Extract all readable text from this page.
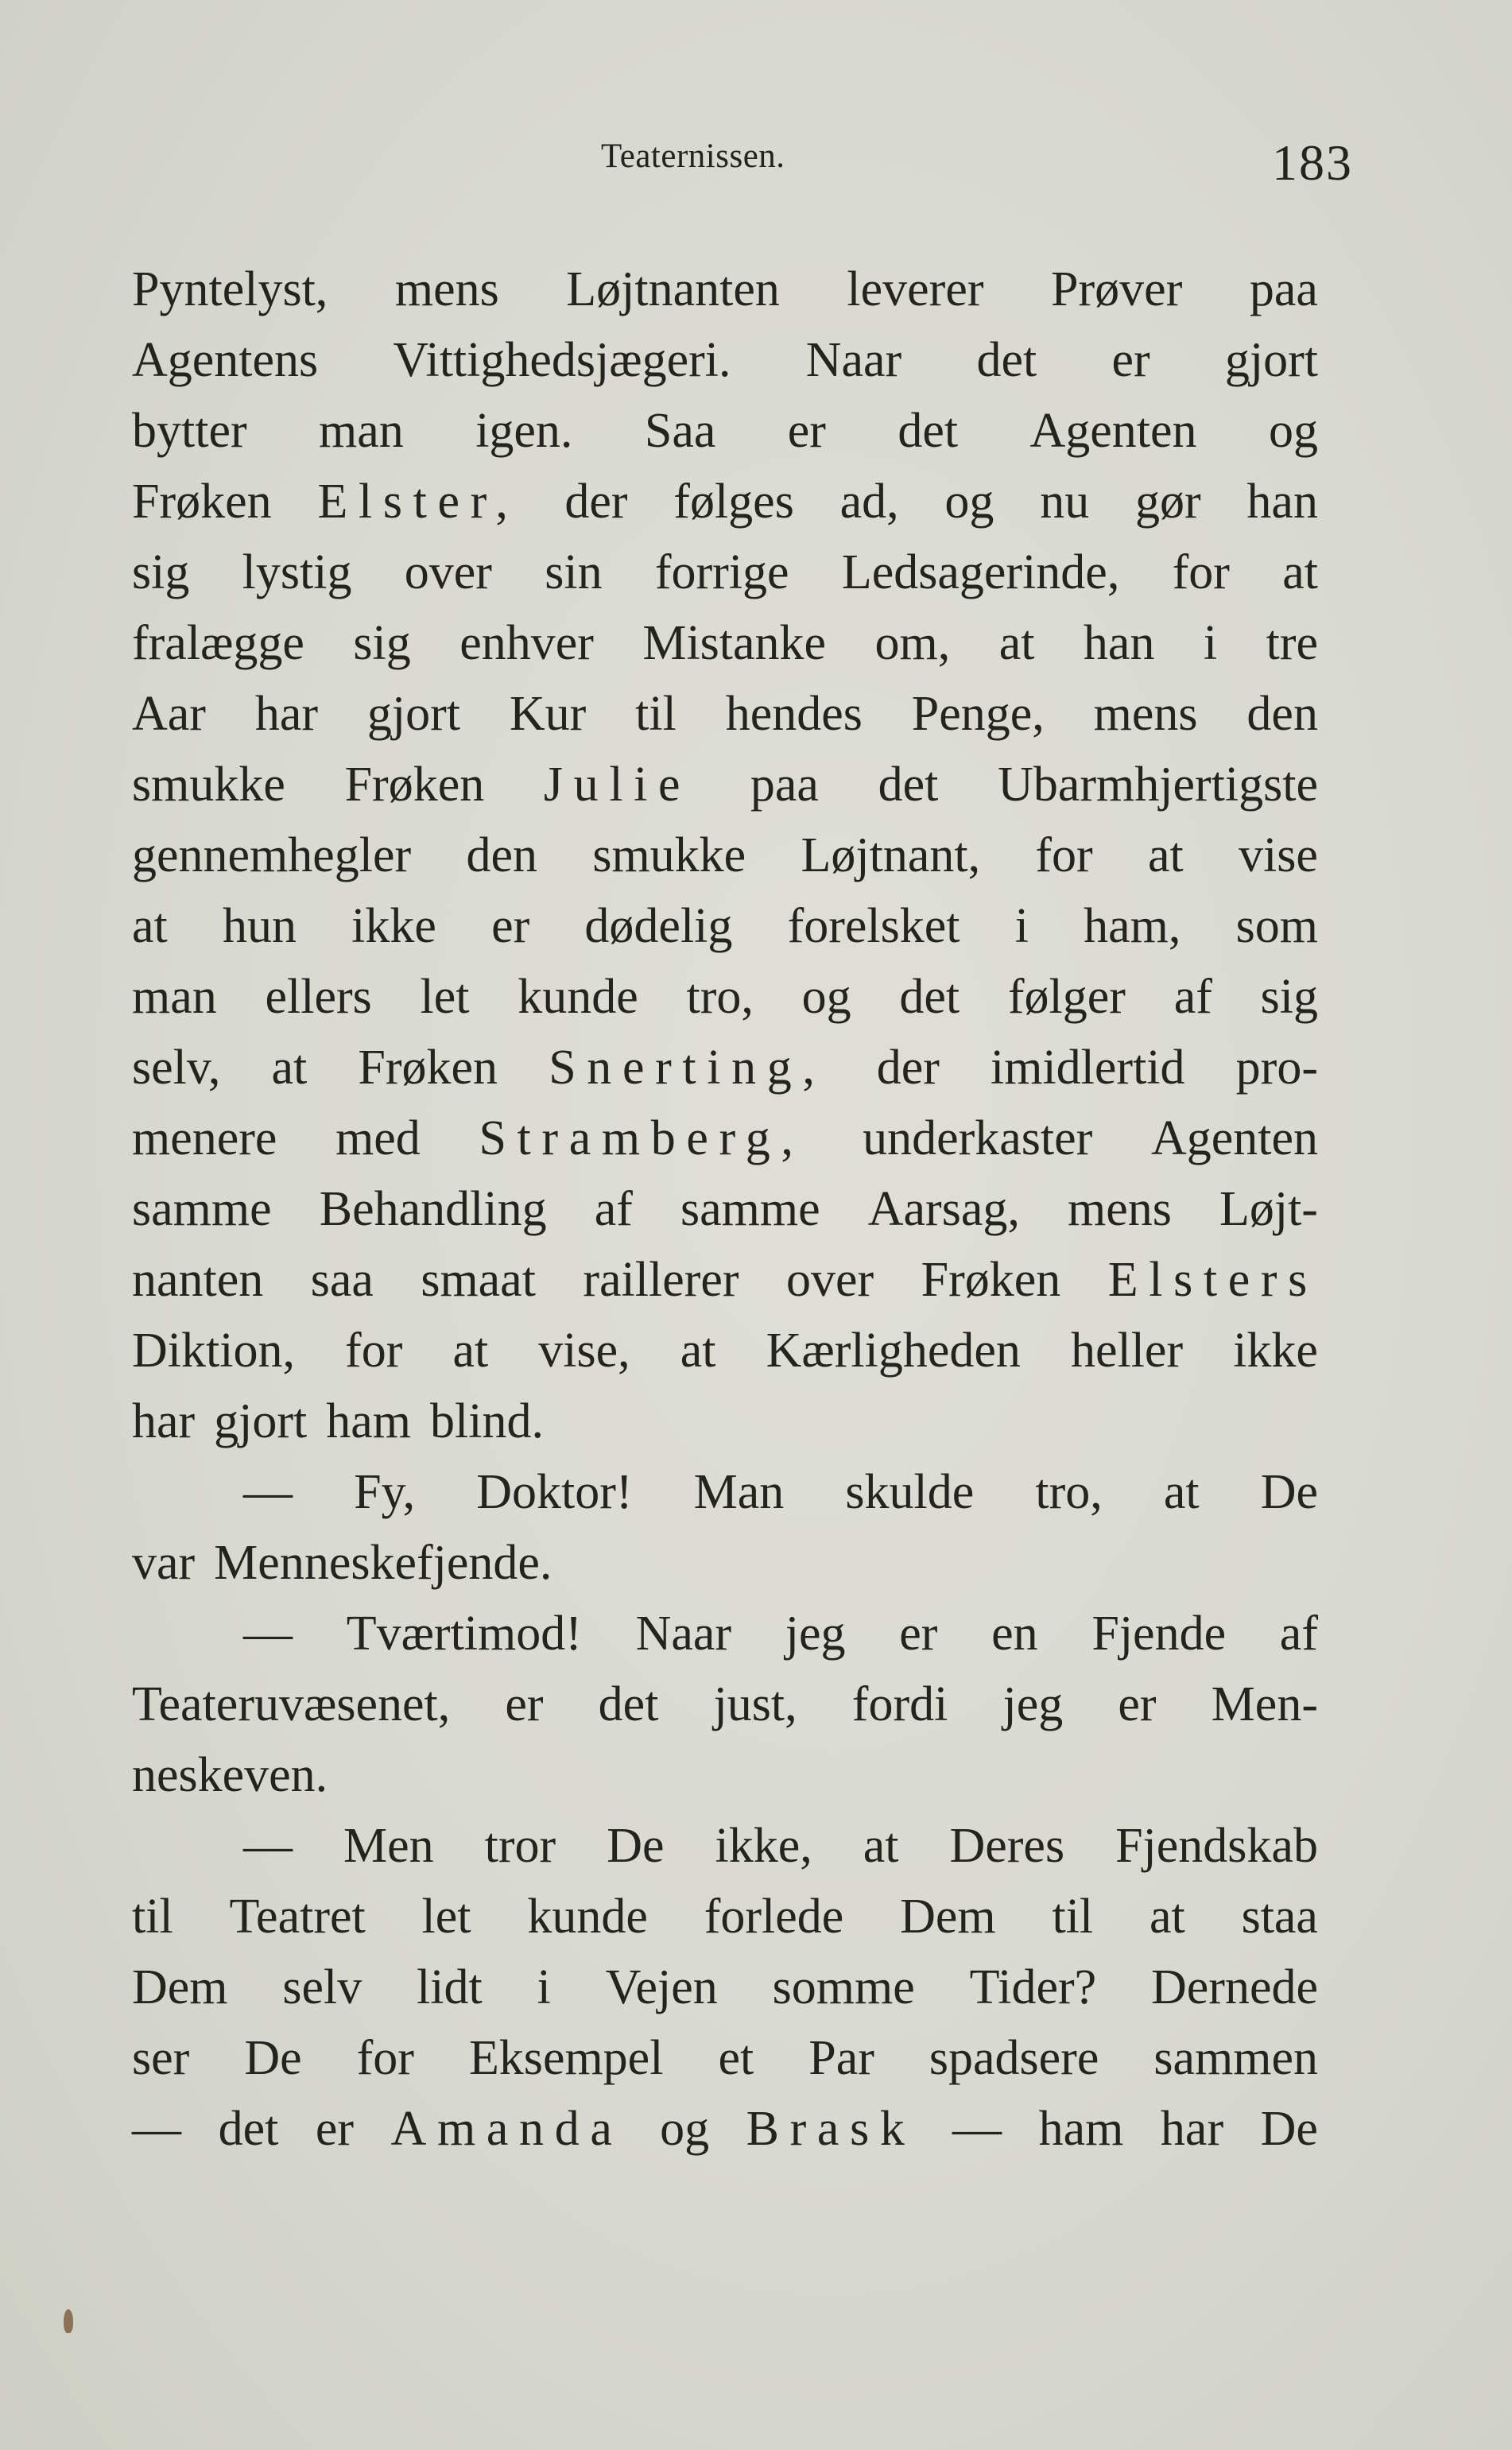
Teaternissen.	183
Pyntelyst, mens Løjtnanten leverer Prøver paa
Agentens Vittighedsjægeri. Naar det er gjort
bytter man igen. Saa er det Agenten og
Frøken Elster, der følges ad, og nu gør han
sig lystig over sin forrige Ledsagerinde, for at
fralægge sig enhver Mistanke om, at han i tre
Aar har gjort Kur til hendes Penge, mens den
smukke Frøken Julie paa det Ubarmhjertigste
gennemhegler den smukke Løjtnant, for at vise
at hun ikke er dødelig forelsket i ham, som
man ellers let kunde tro, og det følger af sig
selv, at Frøken Snerting, der imidlertid pro-
menere med Stramberg, underkaster Agenten
samme Behandling af samme Aarsag, mens Løjt-
nanten saa smaat raillerer over Frøken Elsters
Diktion, for at vise, at Kærligheden heller ikke
har gjort ham blind.
— Fy, Doktor! Man skulde tro, at De
var Menneskefjende.
— Tværtimod! Naar jeg er en Fjende af
Teateruvæsenet, er det just, fordi jeg er Men-
neskeven.
— Men tror De ikke, at Deres Fjendskab
til Teatret let kunde forlede Dem til at staa
Dem selv lidt i Vejen somme Tider? Dernede
ser De for Eksempel et Par spadsere sammen
— det er Amanda og Brask — ham har De
